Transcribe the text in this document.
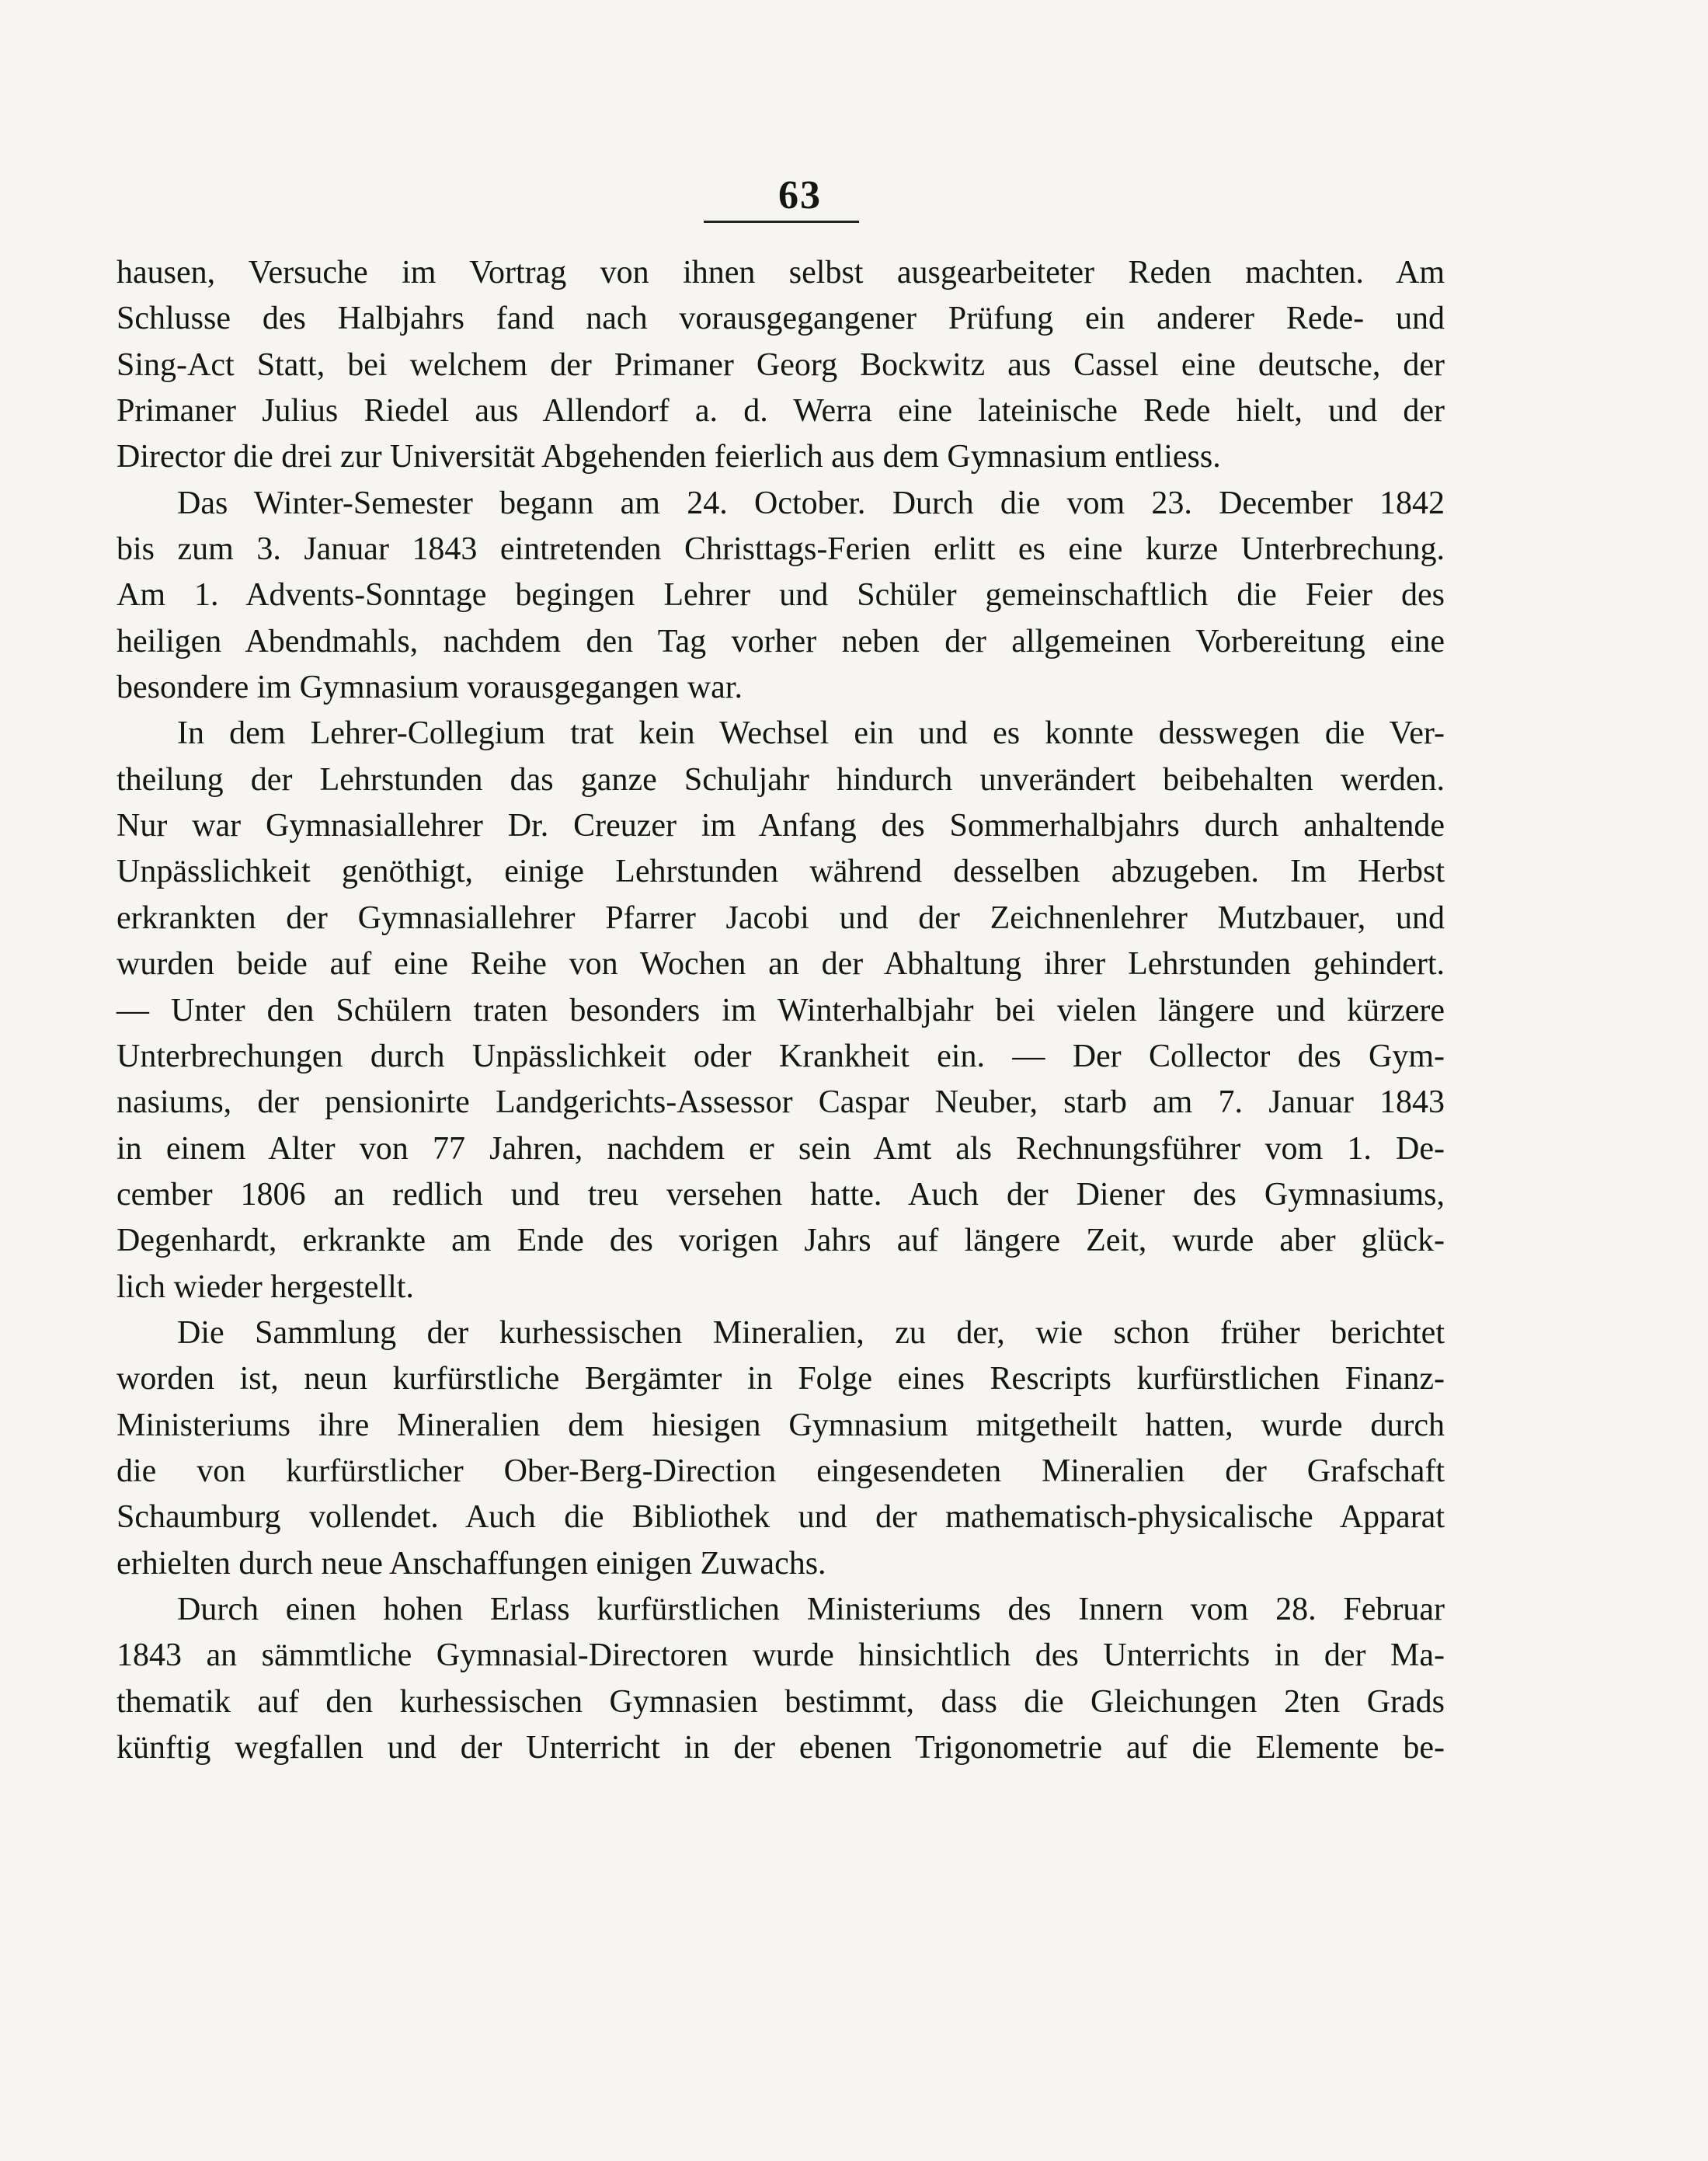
63
hausen, Versuche im Vortrag von ihnen selbst ausgearbeiteter Reden machten. Am
Schlusse des Halbjahrs fand nach vorausgegangener Prüfung ein anderer Rede- und
Sing-Act Statt, bei welchem der Primaner Georg Bockwitz aus Cassel eine deutsche, der
Primaner Julius Riedel aus Allendorf a. d. Werra eine lateinische Rede hielt, und der
Director die drei zur Universität Abgehenden feierlich aus dem Gymnasium entliess.
Das Winter-Semester begann am 24. October. Durch die vom 23. December 1842
bis zum 3. Januar 1843 eintretenden Christtags-Ferien erlitt es eine kurze Unterbrechung.
Am 1. Advents-Sonntage begingen Lehrer und Schüler gemeinschaftlich die Feier des
heiligen Abendmahls, nachdem den Tag vorher neben der allgemeinen Vorbereitung eine
besondere im Gymnasium vorausgegangen war.
In dem Lehrer-Collegium trat kein Wechsel ein und es konnte desswegen die Ver-
theilung der Lehrstunden das ganze Schuljahr hindurch unverändert beibehalten werden.
Nur war Gymnasiallehrer Dr. Creuzer im Anfang des Sommerhalbjahrs durch anhaltende
Unpässlichkeit genöthigt, einige Lehrstunden während desselben abzugeben. Im Herbst
erkrankten der Gymnasiallehrer Pfarrer Jacobi und der Zeichnenlehrer Mutzbauer, und
wurden beide auf eine Reihe von Wochen an der Abhaltung ihrer Lehrstunden gehindert.
— Unter den Schülern traten besonders im Winterhalbjahr bei vielen längere und kürzere
Unterbrechungen durch Unpässlichkeit oder Krankheit ein. — Der Collector des Gym-
nasiums, der pensionirte Landgerichts-Assessor Caspar Neuber, starb am 7. Januar 1843
in einem Alter von 77 Jahren, nachdem er sein Amt als Rechnungsführer vom 1. De-
cember 1806 an redlich und treu versehen hatte. Auch der Diener des Gymnasiums,
Degenhardt, erkrankte am Ende des vorigen Jahrs auf längere Zeit, wurde aber glück-
lich wieder hergestellt.
Die Sammlung der kurhessischen Mineralien, zu der, wie schon früher berichtet
worden ist, neun kurfürstliche Bergämter in Folge eines Rescripts kurfürstlichen Finanz-
Ministeriums ihre Mineralien dem hiesigen Gymnasium mitgetheilt hatten, wurde durch
die von kurfürstlicher Ober-Berg-Direction eingesendeten Mineralien der Grafschaft
Schaumburg vollendet. Auch die Bibliothek und der mathematisch-physicalische Apparat
erhielten durch neue Anschaffungen einigen Zuwachs.
Durch einen hohen Erlass kurfürstlichen Ministeriums des Innern vom 28. Februar
1843 an sämmtliche Gymnasial-Directoren wurde hinsichtlich des Unterrichts in der Ma-
thematik auf den kurhessischen Gymnasien bestimmt, dass die Gleichungen 2ten Grads
künftig wegfallen und der Unterricht in der ebenen Trigonometrie auf die Elemente be-
